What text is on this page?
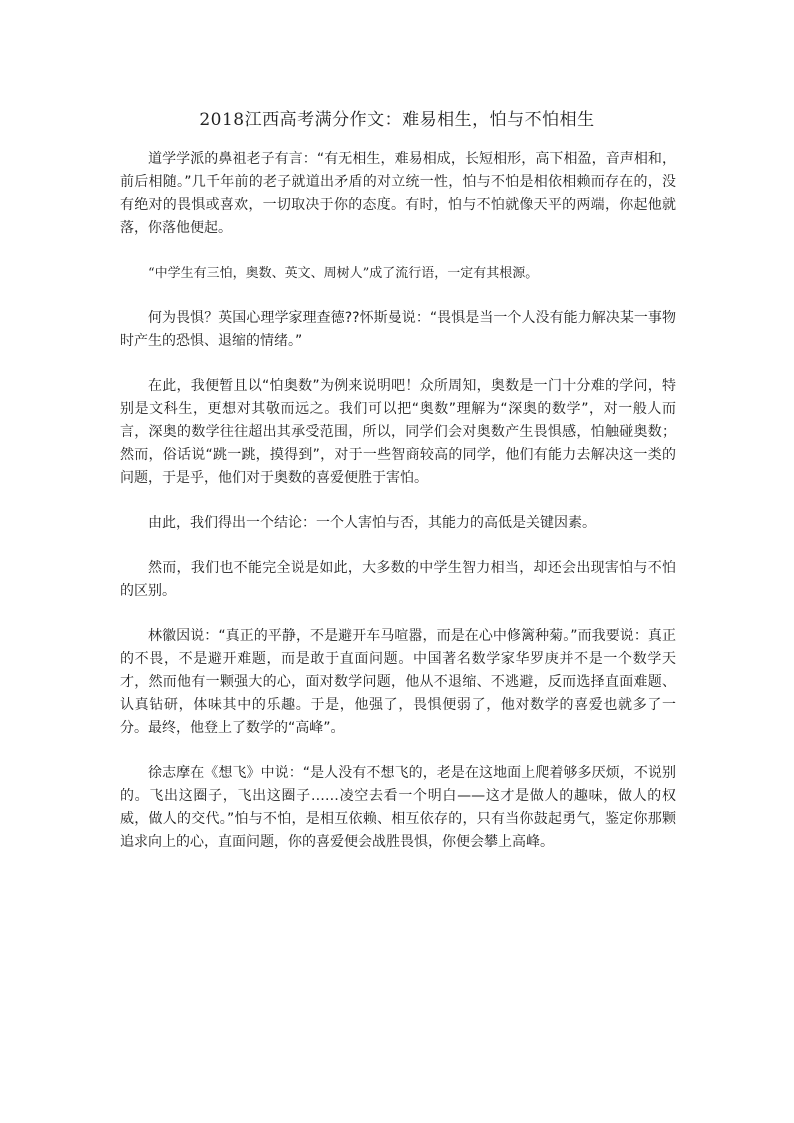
2018江西高考满分作文：难易相生，怕与不怕相生

道学学派的鼻祖老子有言：“有无相生，难易相成，长短相形，高下相盈，音声相和，前后相随。”几千年前的老子就道出矛盾的对立统一性，怕与不怕是相依相赖而存在的，没有绝对的畏惧或喜欢，一切取决于你的态度。有时，怕与不怕就像天平的两端，你起他就落，你落他便起。

“中学生有三怕，奥数、英文、周树人”成了流行语，一定有其根源。

何为畏惧？英国心理学家理查德??怀斯曼说：“畏惧是当一个人没有能力解决某一事物时产生的恐惧、退缩的情绪。”

在此，我便暂且以“怕奥数”为例来说明吧！众所周知，奥数是一门十分难的学问，特别是文科生，更想对其敬而远之。我们可以把“奥数”理解为“深奥的数学”，对一般人而言，深奥的数学往往超出其承受范围，所以，同学们会对奥数产生畏惧感，怕触碰奥数；然而，俗话说“跳一跳，摸得到”，对于一些智商较高的同学，他们有能力去解决这一类的问题，于是乎，他们对于奥数的喜爱便胜于害怕。

由此，我们得出一个结论：一个人害怕与否，其能力的高低是关键因素。

然而，我们也不能完全说是如此，大多数的中学生智力相当，却还会出现害怕与不怕的区别。

林徽因说：“真正的平静，不是避开车马喧嚣，而是在心中修篱种菊。”而我要说：真正的不畏，不是避开难题，而是敢于直面问题。中国著名数学家华罗庚并不是一个数学天才，然而他有一颗强大的心，面对数学问题，他从不退缩、不逃避，反而选择直面难题、认真钻研，体味其中的乐趣。于是，他强了，畏惧便弱了，他对数学的喜爱也就多了一分。最终，他登上了数学的“高峰”。

徐志摩在《想飞》中说：“是人没有不想飞的，老是在这地面上爬着够多厌烦，不说别的。飞出这圈子，飞出这圈子……凌空去看一个明白——这才是做人的趣味，做人的权威，做人的交代。”怕与不怕，是相互依赖、相互依存的，只有当你鼓起勇气，鉴定你那颗追求向上的心，直面问题，你的喜爱便会战胜畏惧，你便会攀上高峰。
